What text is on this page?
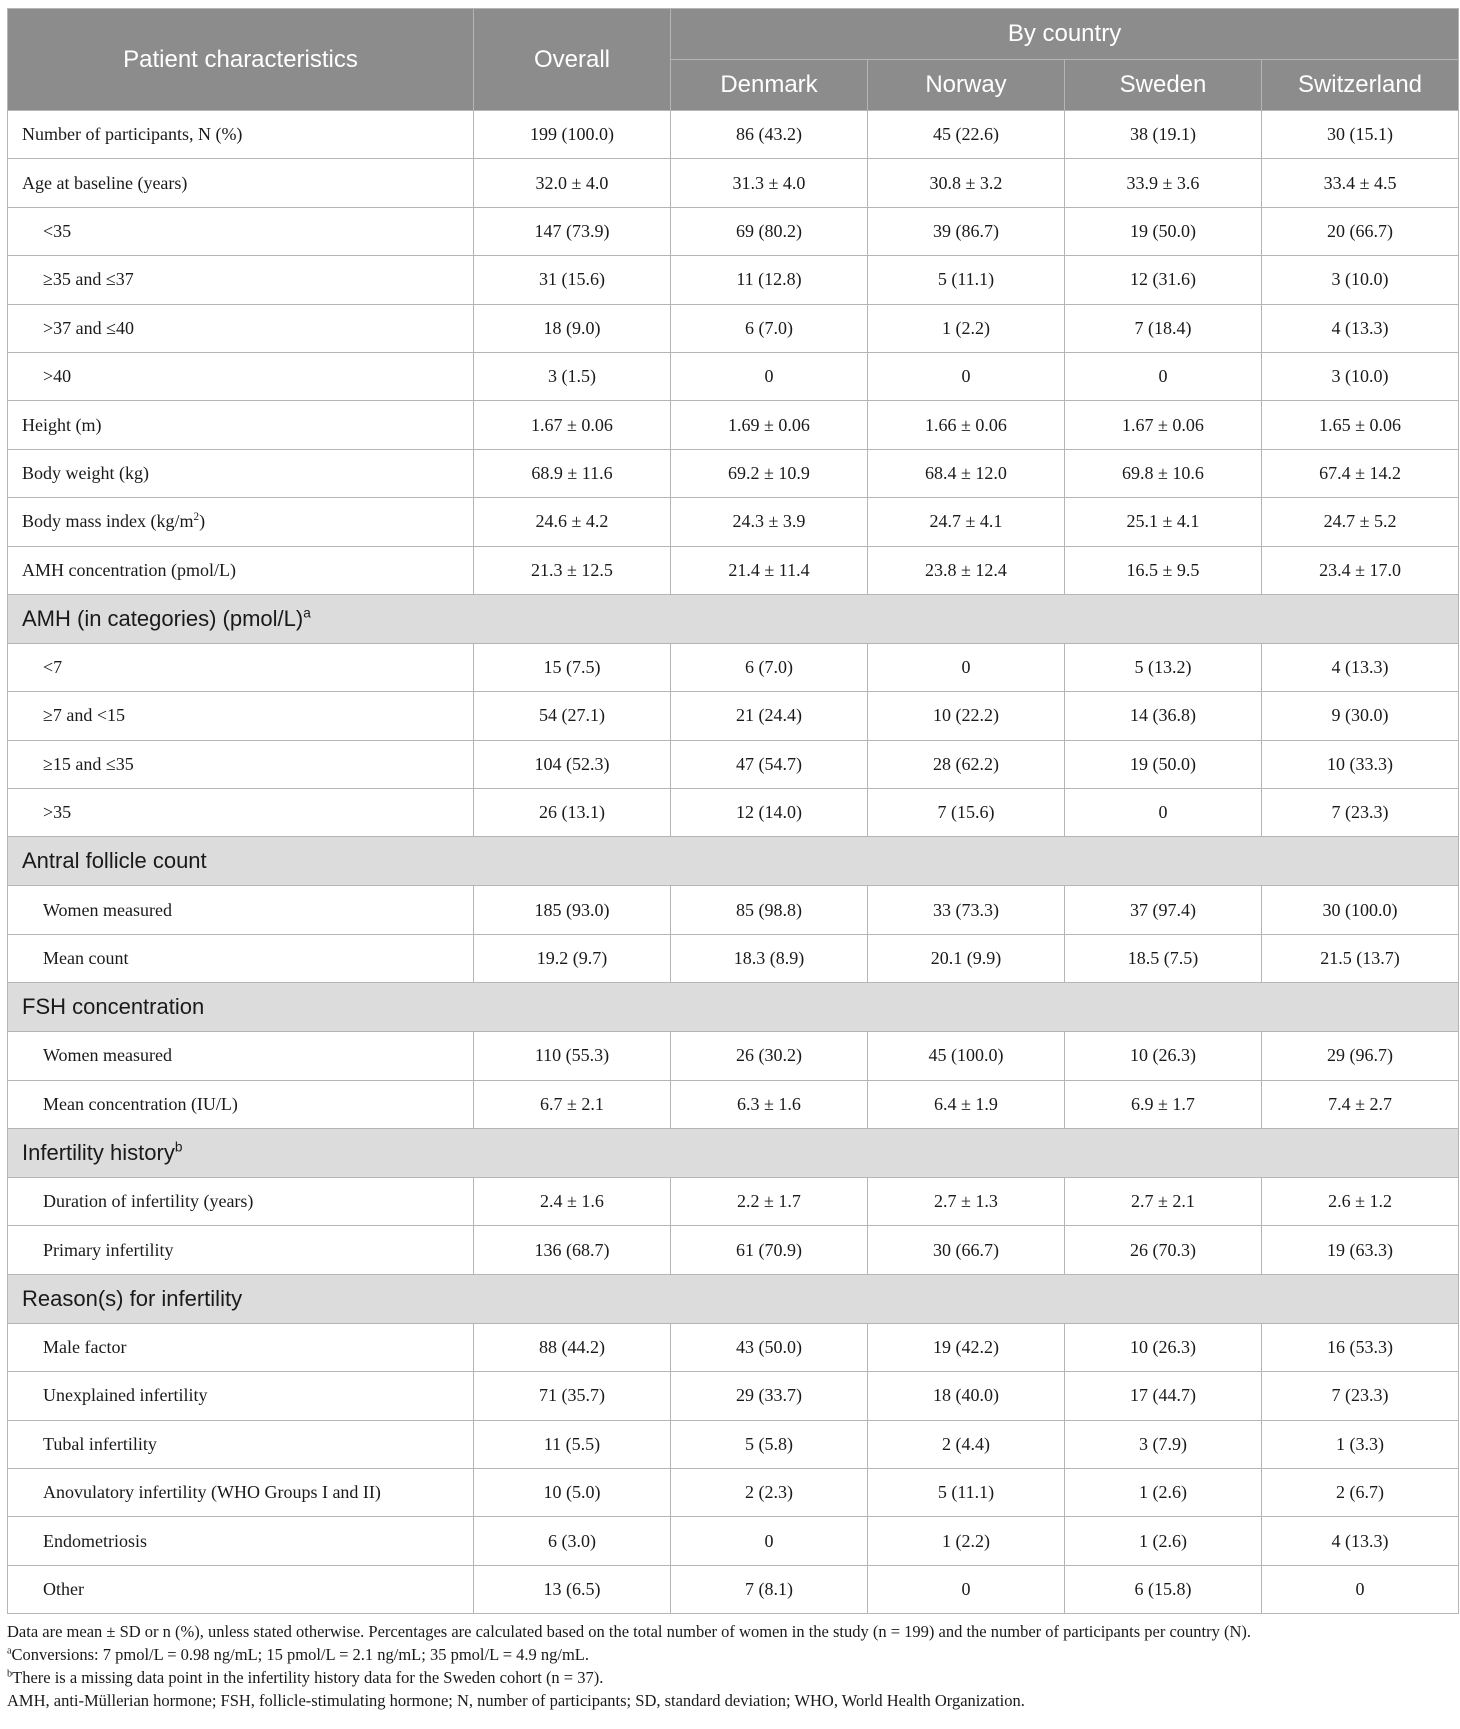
Patient characteristics	Overall	By country			
		Denmark	Norway	Sweden	Switzerland
Number of participants, N (%)	199 (100.0)	86 (43.2)	45 (22.6)	38 (19.1)	30 (15.1)
Age at baseline (years)	32.0 ± 4.0	31.3 ± 4.0	30.8 ± 3.2	33.9 ± 3.6	33.4 ± 4.5
<35	147 (73.9)	69 (80.2)	39 (86.7)	19 (50.0)	20 (66.7)
≥35 and ≤37	31 (15.6)	11 (12.8)	5 (11.1)	12 (31.6)	3 (10.0)
>37 and ≤40	18 (9.0)	6 (7.0)	1 (2.2)	7 (18.4)	4 (13.3)
>40	3 (1.5)	0	0	0	3 (10.0)
Height (m)	1.67 ± 0.06	1.69 ± 0.06	1.66 ± 0.06	1.67 ± 0.06	1.65 ± 0.06
Body weight (kg)	68.9 ± 11.6	69.2 ± 10.9	68.4 ± 12.0	69.8 ± 10.6	67.4 ± 14.2
Body mass index $(kg/m^2)$	24.6 ± 4.2	24.3 ± 3.9	24.7 ± 4.1	25.1 ± 4.1	24.7 ± 5.2
AMH concentration (pmol/L)	21.3 ± 12.5	21.4 ± 11.4	23.8 ± 12.4	16.5 ± 9.5	23.4 ± 17.0
AMH (in categories) (pmol/L)$^a$
<7	15 (7.5)	6 (7.0)	0	5 (13.2)	4 (13.3)
≥7 and <15	54 (27.1)	21 (24.4)	10 (22.2)	14 (36.8)	9 (30.0)
≥15 and ≤35	104 (52.3)	47 (54.7)	28 (62.2)	19 (50.0)	10 (33.3)
>35	26 (13.1)	12 (14.0)	7 (15.6)	0	7 (23.3)
Antral follicle count					
Women measured	185 (93.0)	85 (98.8)	33 (73.3)	37 (97.4)	30 (100.0)
Mean count	19.2 (9.7)	18.3 (8.9)	20.1 (9.9)	18.5 (7.5)	21.5 (13.7)
FSH concentration					
Women measured	110 (55.3)	26 (30.2)	45 (100.0)	10 (26.3)	29 (96.7)
Mean concentration (IU/L)	6.7 ± 2.1	6.3 ± 1.6	6.4 ± 1.9	6.9 ± 1.7	7.4 ± 2.7
Infertility history$^b$
Duration of infertility (years)	2.4 ± 1.6	2.2 ± 1.7	2.7 ± 1.3	2.7 ± 2.1	2.6 ± 1.2
Primary infertility	136 (68.7)	61 (70.9)	30 (66.7)	26 (70.3)	19 (63.3)
Reason(s) for infertility					
Male factor	88 (44.2)	43 (50.0)	19 (42.2)	10 (26.3)	16 (53.3)
Unexplained infertility	71 (35.7)	29 (33.7)	18 (40.0)	17 (44.7)	7 (23.3)
Tubal infertility	11 (5.5)	5 (5.8)	2 (4.4)	3 (7.9)	1 (3.3)
Anovulatory infertility (WHO Groups I and II)	10 (5.0)	2 (2.3)	5 (11.1)	1 (2.6)	2 (6.7)
Endometriosis	6 (3.0)	0	1 (2.2)	1 (2.6)	4 (13.3)
Other	13 (6.5)	7 (8.1)	0	6 (15.8)	0

Data are mean ± SD or n (%), unless stated otherwise. Percentages are calculated based on the total number of women in the study (n = 199) and the number of participants per country (N).

$^a$Conversions: 7 pmol/L = 0.98 ng/mL; 15 pmol/L = 2.1 ng/mL; 35 pmol/L = 4.9 ng/mL.

$^b$There is a missing data point in the infertility history data for the Sweden cohort (n = 37).

AMH, anti-Müllerian hormone; FSH, follicle-stimulating hormone; N, number of participants; SD, standard deviation; WHO, World Health Organization.
